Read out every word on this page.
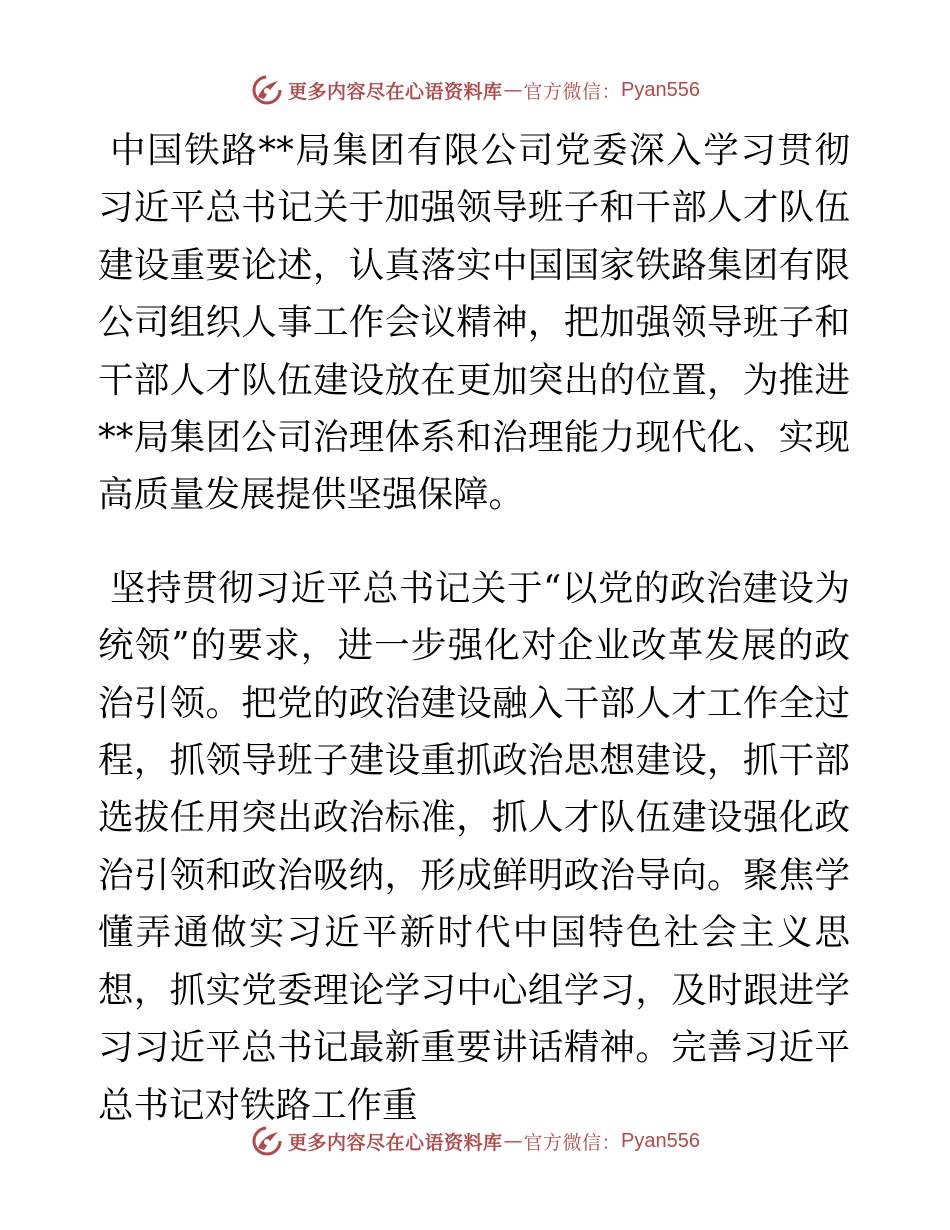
更多内容尽在心语资料库 — 官方微信： Pyan556

中国铁路**局集团有限公司党委深入学习贯彻习近平总书记关于加强领导班子和干部人才队伍建设重要论述，认真落实中国国家铁路集团有限公司组织人事工作会议精神，把加强领导班子和干部人才队伍建设放在更加突出的位置，为推进**局集团公司治理体系和治理能力现代化、实现高质量发展提供坚强保障。

坚持贯彻习近平总书记关于“以党的政治建设为统领”的要求，进一步强化对企业改革发展的政治引领。把党的政治建设融入干部人才工作全过程，抓领导班子建设重抓政治思想建设，抓干部选拔任用突出政治标准，抓人才队伍建设强化政治引领和政治吸纳，形成鲜明政治导向。聚焦学懂弄通做实习近平新时代中国特色社会主义思想，抓实党委理论学习中心组学习，及时跟进学习习近平总书记最新重要讲话精神。完善习近平总书记对铁路工作重

更多内容尽在心语资料库 — 官方微信： Pyan556
